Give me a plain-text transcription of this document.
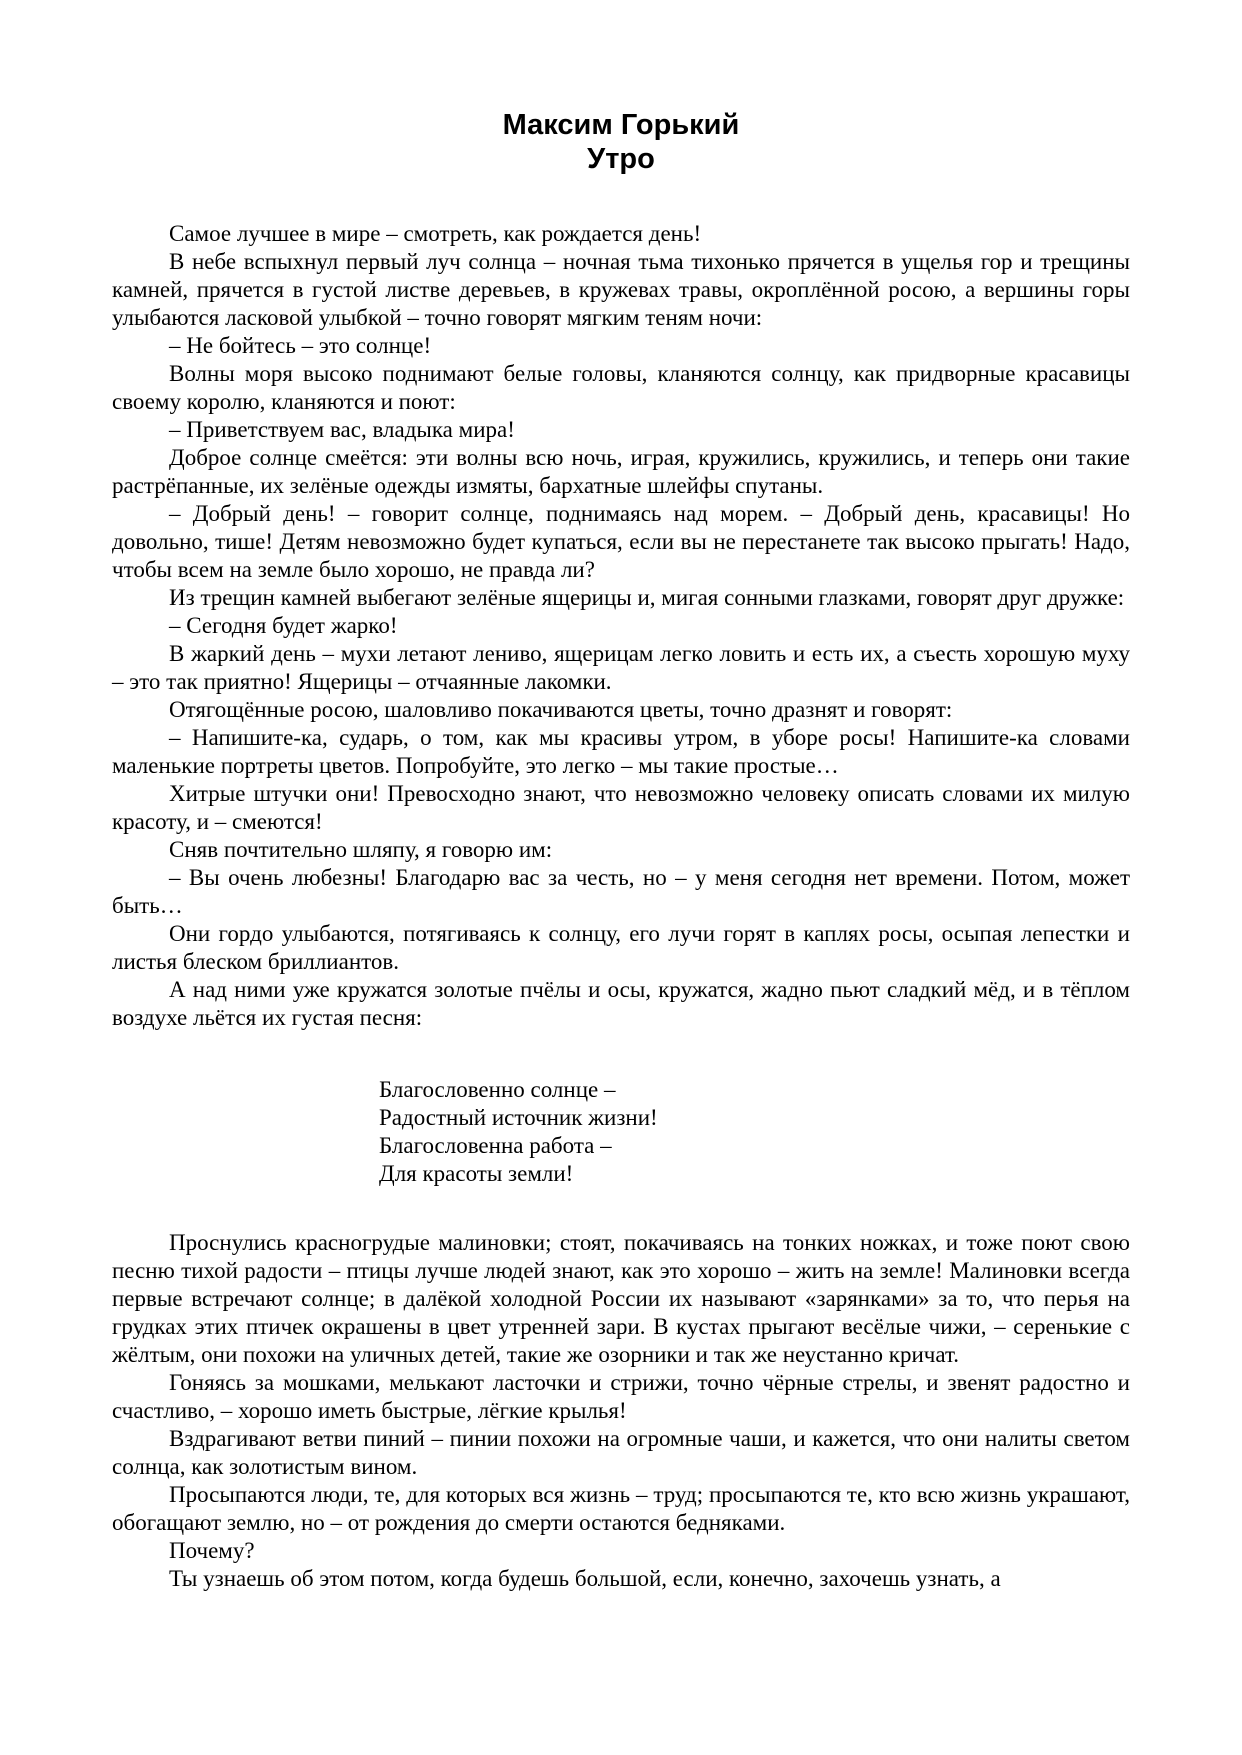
Максим Горький
Утро

Самое лучшее в мире – смотреть, как рождается день!

В небе вспыхнул первый луч солнца – ночная тьма тихонько прячется в ущелья гор и трещины камней, прячется в густой листве деревьев, в кружевах травы, окроплённой росою, а вершины горы улыбаются ласковой улыбкой – точно говорят мягким теням ночи:

– Не бойтесь – это солнце!

Волны моря высоко поднимают белые головы, кланяются солнцу, как придворные красавицы своему королю, кланяются и поют:

– Приветствуем вас, владыка мира!

Доброе солнце смеётся: эти волны всю ночь, играя, кружились, кружились, и теперь они такие растрёпанные, их зелёные одежды измяты, бархатные шлейфы спутаны.

– Добрый день! – говорит солнце, поднимаясь над морем. – Добрый день, красавицы! Но довольно, тише! Детям невозможно будет купаться, если вы не перестанете так высоко прыгать! Надо, чтобы всем на земле было хорошо, не правда ли?

Из трещин камней выбегают зелёные ящерицы и, мигая сонными глазками, говорят друг дружке:

– Сегодня будет жарко!

В жаркий день – мухи летают лениво, ящерицам легко ловить и есть их, а съесть хорошую муху – это так приятно! Ящерицы – отчаянные лакомки.

Отягощённые росою, шаловливо покачиваются цветы, точно дразнят и говорят:

– Напишите-ка, сударь, о том, как мы красивы утром, в уборе росы! Напишите-ка словами маленькие портреты цветов. Попробуйте, это легко – мы такие простые…

Хитрые штучки они! Превосходно знают, что невозможно человеку описать словами их милую красоту, и – смеются!

Сняв почтительно шляпу, я говорю им:

– Вы очень любезны! Благодарю вас за честь, но – у меня сегодня нет времени. Потом, может быть…

Они гордо улыбаются, потягиваясь к солнцу, его лучи горят в каплях росы, осыпая лепестки и листья блеском бриллиантов.

А над ними уже кружатся золотые пчёлы и осы, кружатся, жадно пьют сладкий мёд, и в тёплом воздухе льётся их густая песня:

Благословенно солнце –
Радостный источник жизни!
Благословенна работа –
Для красоты земли!

Проснулись красногрудые малиновки; стоят, покачиваясь на тонких ножках, и тоже поют свою песню тихой радости – птицы лучше людей знают, как это хорошо – жить на земле! Малиновки всегда первые встречают солнце; в далёкой холодной России их называют «зарянками» за то, что перья на грудках этих птичек окрашены в цвет утренней зари. В кустах прыгают весёлые чижи, – серенькие с жёлтым, они похожи на уличных детей, такие же озорники и так же неустанно кричат.

Гоняясь за мошками, мелькают ласточки и стрижи, точно чёрные стрелы, и звенят радостно и счастливо, – хорошо иметь быстрые, лёгкие крылья!

Вздрагивают ветви пиний – пинии похожи на огромные чаши, и кажется, что они налиты светом солнца, как золотистым вином.

Просыпаются люди, те, для которых вся жизнь – труд; просыпаются те, кто всю жизнь украшают, обогащают землю, но – от рождения до смерти остаются бедняками.

Почему?

Ты узнаешь об этом потом, когда будешь большой, если, конечно, захочешь узнать, а
